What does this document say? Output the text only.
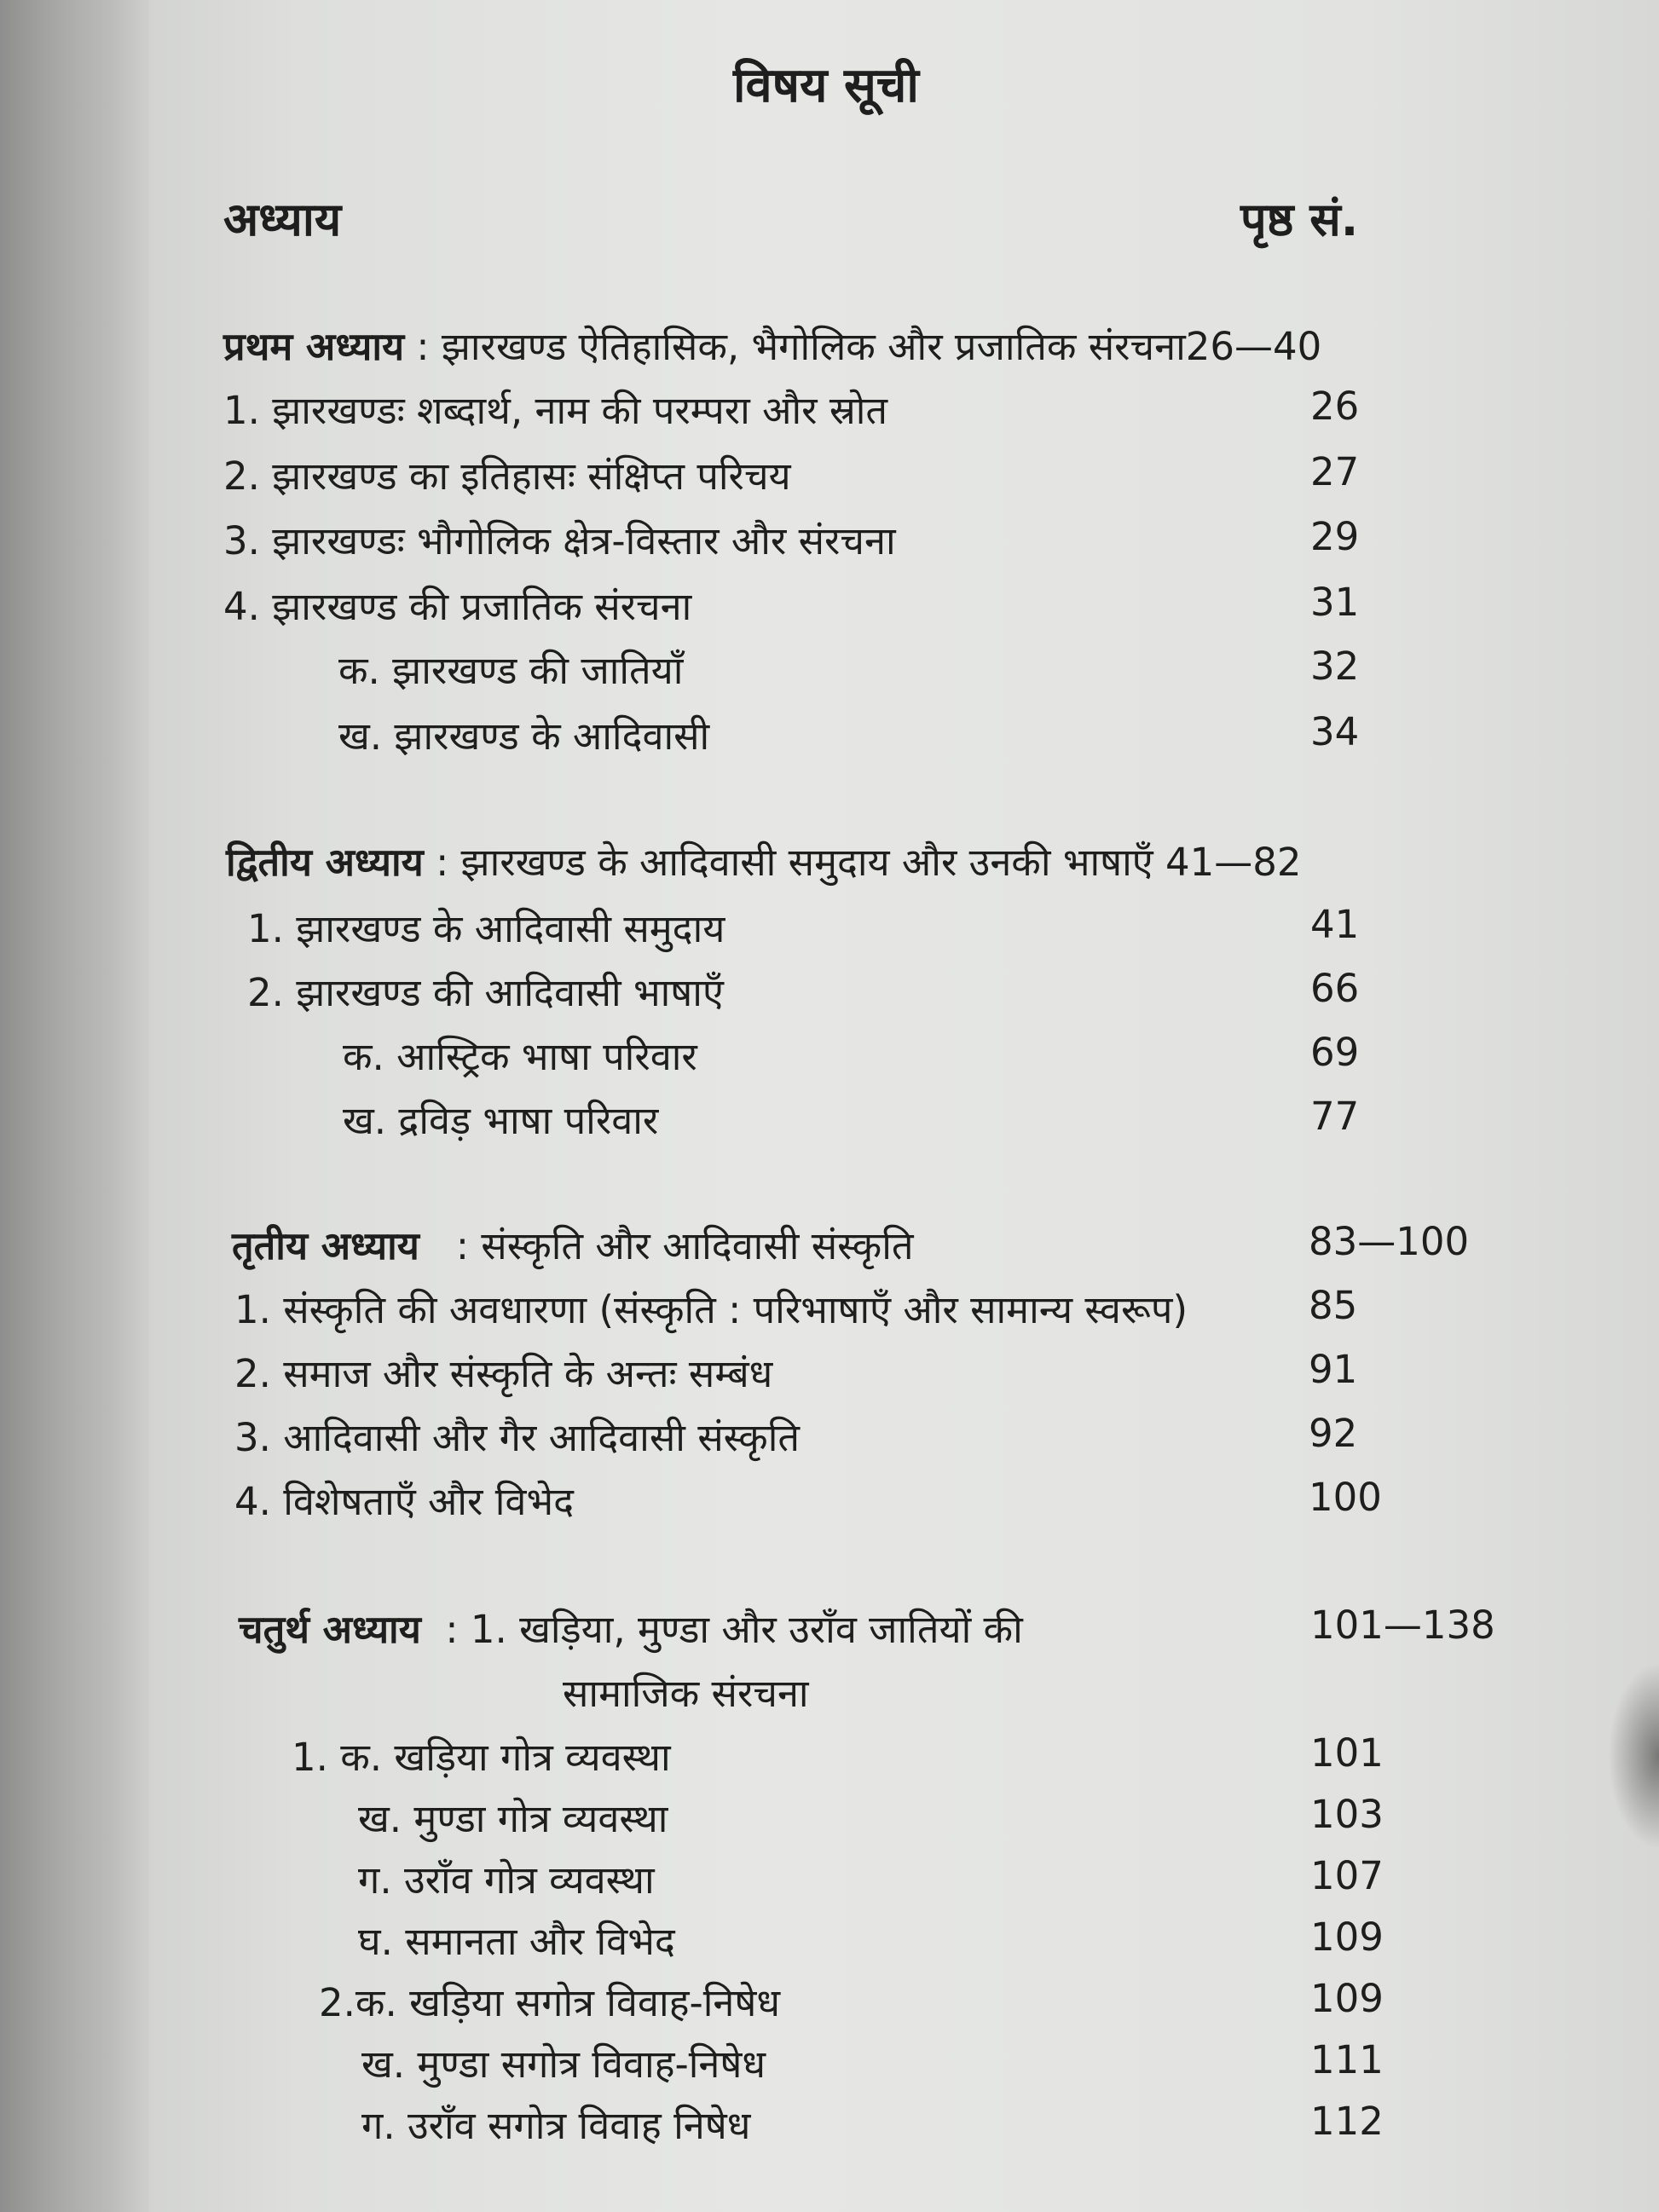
विषय सूची
अध्याय	पृष्ठ सं.
प्रथम अध्याय : झारखण्ड ऐतिहासिक, भैगोलिक और प्रजातिक संरचना26—40
1. झारखण्डः शब्दार्थ, नाम की परम्परा और स्रोत	26
2. झारखण्ड का इतिहासः संक्षिप्त परिचय	27
3. झारखण्डः भौगोलिक क्षेत्र-विस्तार और संरचना	29
4. झारखण्ड की प्रजातिक संरचना	31
क. झारखण्ड की जातियाँ	32
ख. झारखण्ड के आदिवासी	34
द्वितीय अध्याय : झारखण्ड के आदिवासी समुदाय और उनकी भाषाएँ 41—82
1. झारखण्ड के आदिवासी समुदाय	41
2. झारखण्ड की आदिवासी भाषाएँ	66
क. आस्ट्रिक भाषा परिवार	69
ख. द्रविड़ भाषा परिवार	77
तृतीय अध्याय : संस्कृति और आदिवासी संस्कृति	83—100
1. संस्कृति की अवधारणा (संस्कृति : परिभाषाएँ और सामान्य स्वरूप)	85
2. समाज और संस्कृति के अन्तः सम्बंध	91
3. आदिवासी और गैर आदिवासी संस्कृति	92
4. विशेषताएँ और विभेद	100
चतुर्थ अध्याय : 1. खड़िया, मुण्डा और उराँव जातियों की	101—138
सामाजिक संरचना
1. क. खड़िया गोत्र व्यवस्था	101
ख. मुण्डा गोत्र व्यवस्था	103
ग. उराँव गोत्र व्यवस्था	107
घ. समानता और विभेद	109
2.क. खड़िया सगोत्र विवाह-निषेध	109
ख. मुण्डा सगोत्र विवाह-निषेध	111
ग. उराँव सगोत्र विवाह निषेध	112
